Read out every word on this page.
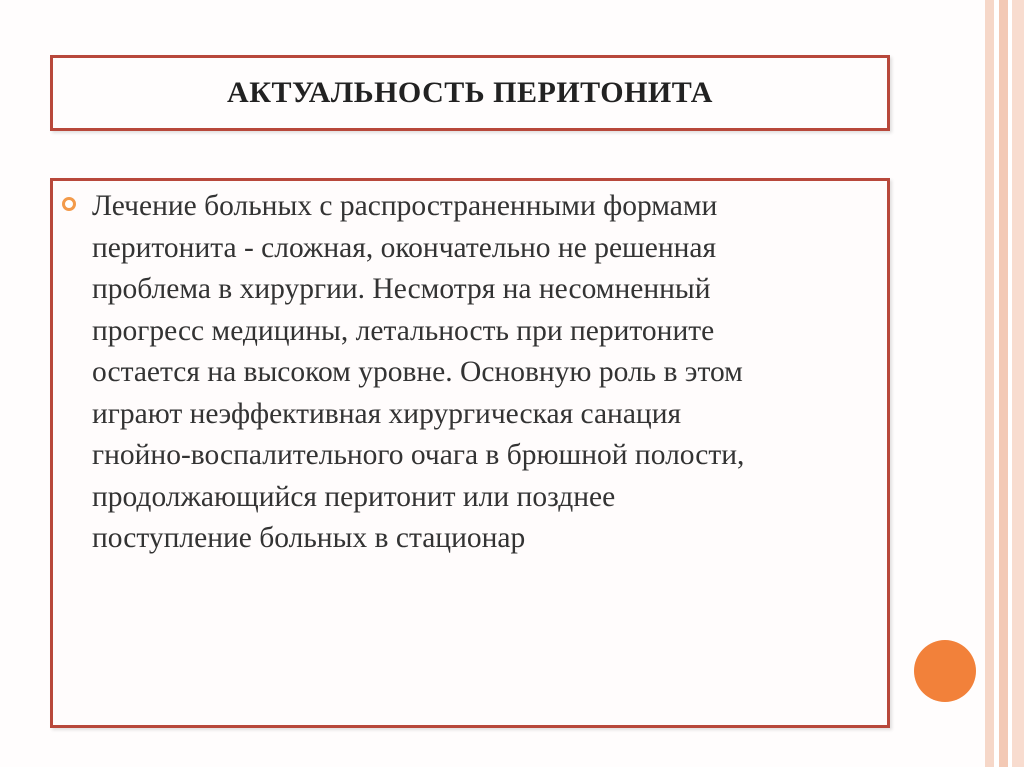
АКТУАЛЬНОСТЬ ПЕРИТОНИТА

Лечение больных с распространенными формами
перитонита - сложная, окончательно не решенная
проблема в хирургии. Несмотря на несомненный
прогресс медицины, летальность при перитоните
остается на высоком уровне. Основную роль в этом
играют неэффективная хирургическая санация
гнойно-воспалительного очага в брюшной полости,
продолжающийся перитонит или позднее
поступление больных в стационар
